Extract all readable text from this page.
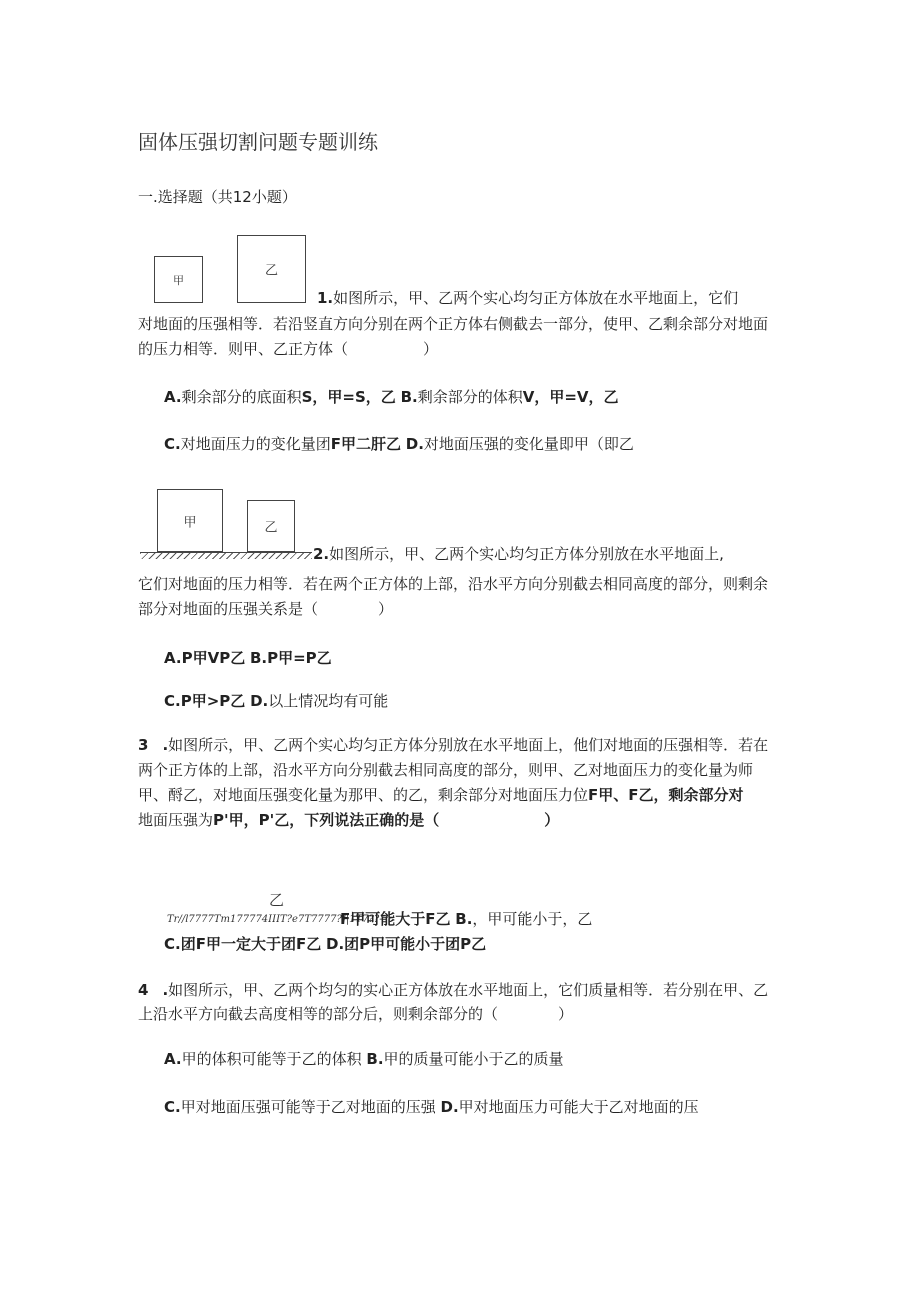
固体压强切割问题专题训练
一.选择题（共12小题）
甲
乙
1.如图所示，甲、乙两个实心均匀正方体放在水平地面上，它们
对地面的压强相等．若沿竖直方向分别在两个正方体右侧截去一部分，使甲、乙剩余部分对地面
的压力相等．则甲、乙正方体（　　　　　）
A.剩余部分的底面积S，甲=S，乙 B.剩余部分的体积V，甲=V，乙
C.对地面压力的变化量团F甲二肝乙 D.对地面压强的变化量即甲（即乙
甲	乙
2.如图所示，甲、乙两个实心均匀正方体分别放在水平地面上,
它们对地面的压力相等．若在两个正方体的上部，沿水平方向分别截去相同高度的部分，则剩余
部分对地面的压强关系是（　　　　）
A.P甲VP乙 B.P甲=P乙
C.P甲>P乙 D.以上情况均有可能
3 .如图所示，甲、乙两个实心均匀正方体分别放在水平地面上，他们对地面的压强相等．若在
两个正方体的上部，沿水平方向分别截去相同高度的部分，则甲、乙对地面压力的变化量为师
甲、酹乙，对地面压强变化量为那甲、的乙，剩余部分对地面压力位F甲、F乙，剩余部分对
地面压强为P'甲，P'乙，下列说法正确的是（　　　　　　　）
乙
Tr//l7777Tm177774IIIT?e7T7777?]|1T7??-
F甲可能大于F乙 B.，甲可能小于，乙
C.团F甲一定大于团F乙 D.团P甲可能小于团P乙
4 .如图所示，甲、乙两个均匀的实心正方体放在水平地面上，它们质量相等．若分别在甲、乙
上沿水平方向截去高度相等的部分后，则剩余部分的（　　　　）
A.甲的体积可能等于乙的体积 B.甲的质量可能小于乙的质量
C.甲对地面压强可能等于乙对地面的压强 D.甲对地面压力可能大于乙对地面的压
